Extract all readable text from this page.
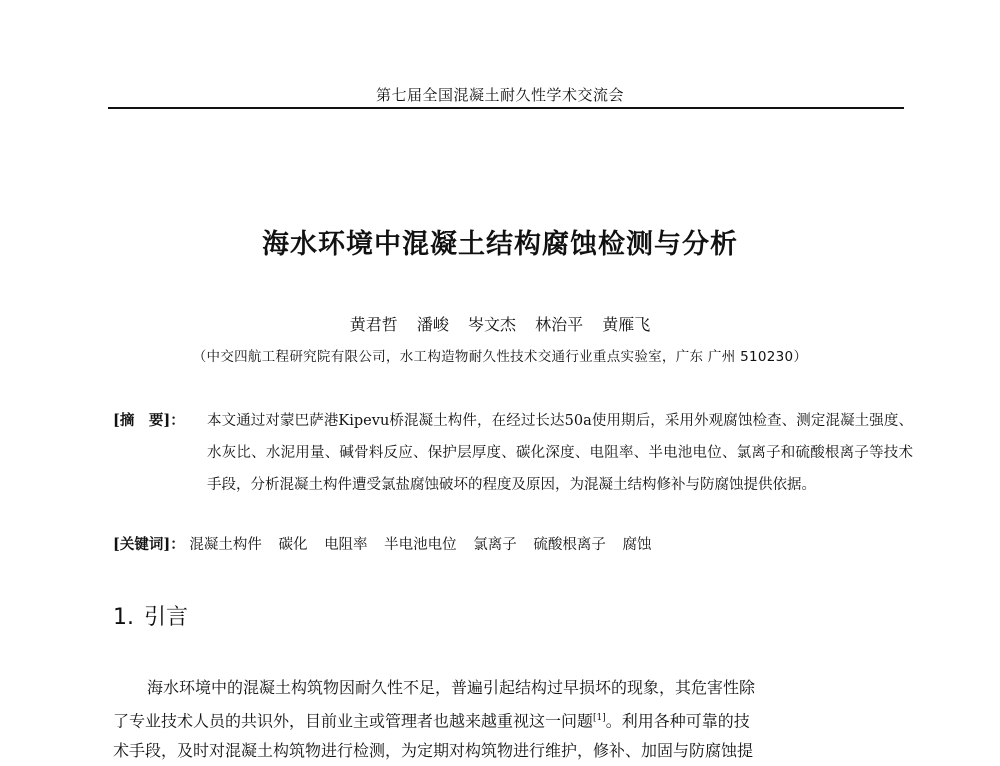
第七届全国混凝土耐久性学术交流会
海水环境中混凝土结构腐蚀检测与分析
黄君哲 潘峻 岑文杰 林治平 黄雁飞
（中交四航工程研究院有限公司，水工构造物耐久性技术交通行业重点实验室，广东 广州 510230）
[摘　要]： 本文通过对蒙巴萨港Kipevu桥混凝土构件，在经过长达50a使用期后，采用外观腐蚀检查、测定混凝土强度、水灰比、水泥用量、碱骨料反应、保护层厚度、碳化深度、电阻率、半电池电位、氯离子和硫酸根离子等技术手段，分析混凝土构件遭受氯盐腐蚀破坏的程度及原因，为混凝土结构修补与防腐蚀提供依据。
[关键词]： 混凝土构件 碳化 电阻率 半电池电位 氯离子 硫酸根离子 腐蚀
1. 引言
海水环境中的混凝土构筑物因耐久性不足，普遍引起结构过早损坏的现象，其危害性除
了专业技术人员的共识外，目前业主或管理者也越来越重视这一问题[1]。利用各种可靠的技
术手段，及时对混凝土构筑物进行检测，为定期对构筑物进行维护，修补、加固与防腐蚀提
